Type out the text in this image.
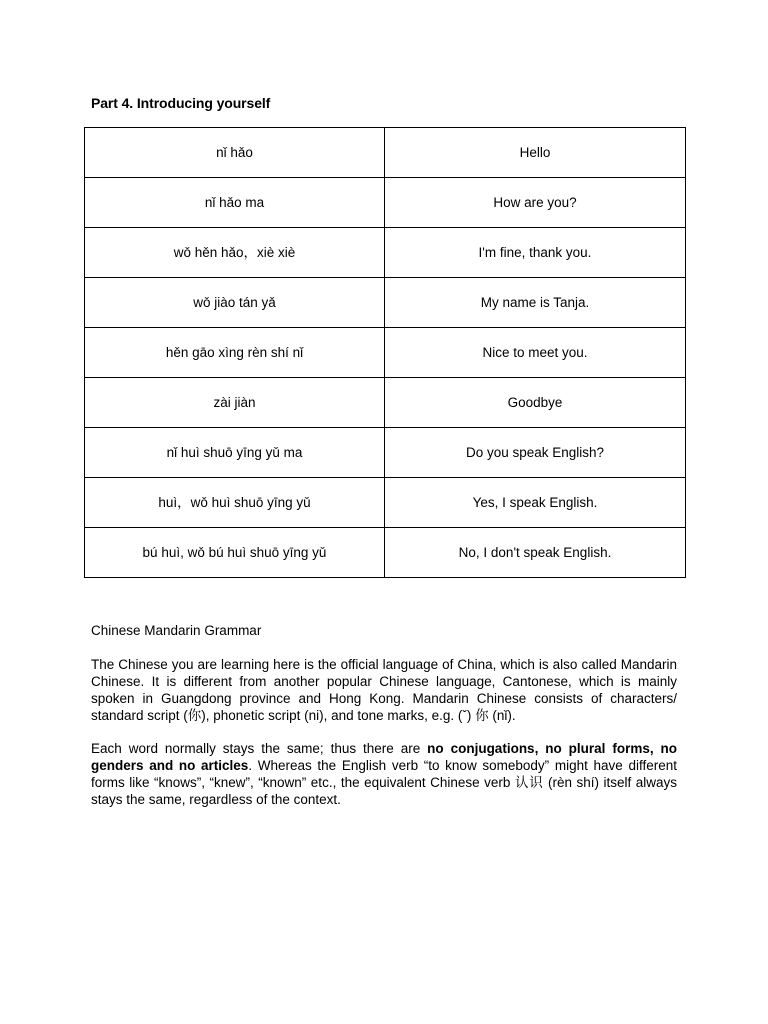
Part 4. Introducing yourself
nǐ hǎo	Hello
nǐ hǎo ma	How are you?
wǒ hěn hǎo，xiè xiè	I'm fine, thank you.
wǒ jiào tán yǎ	My name is Tanja.
hěn gāo xìng rèn shí nǐ	Nice to meet you.
zài jiàn	Goodbye
nǐ huì shuō yīng yǔ ma	Do you speak English?
huì，wǒ huì shuō yīng yǔ	Yes, I speak English.
bú huì, wǒ bú huì shuō yīng yǔ	No, I don't speak English.
Chinese Mandarin Grammar

The Chinese you are learning here is the official language of China, which is also called Mandarin Chinese. It is different from another popular Chinese language, Cantonese, which is mainly spoken in Guangdong province and Hong Kong. Mandarin Chinese consists of characters/ standard script (你), phonetic script (ni), and tone marks, e.g. (ˇ) 你 (nǐ).

Each word normally stays the same; thus there are no conjugations, no plural forms, no genders and no articles. Whereas the English verb “to know somebody” might have different forms like “knows”, “knew”, “known” etc., the equivalent Chinese verb 认识 (rèn shí) itself always stays the same, regardless of the context.
